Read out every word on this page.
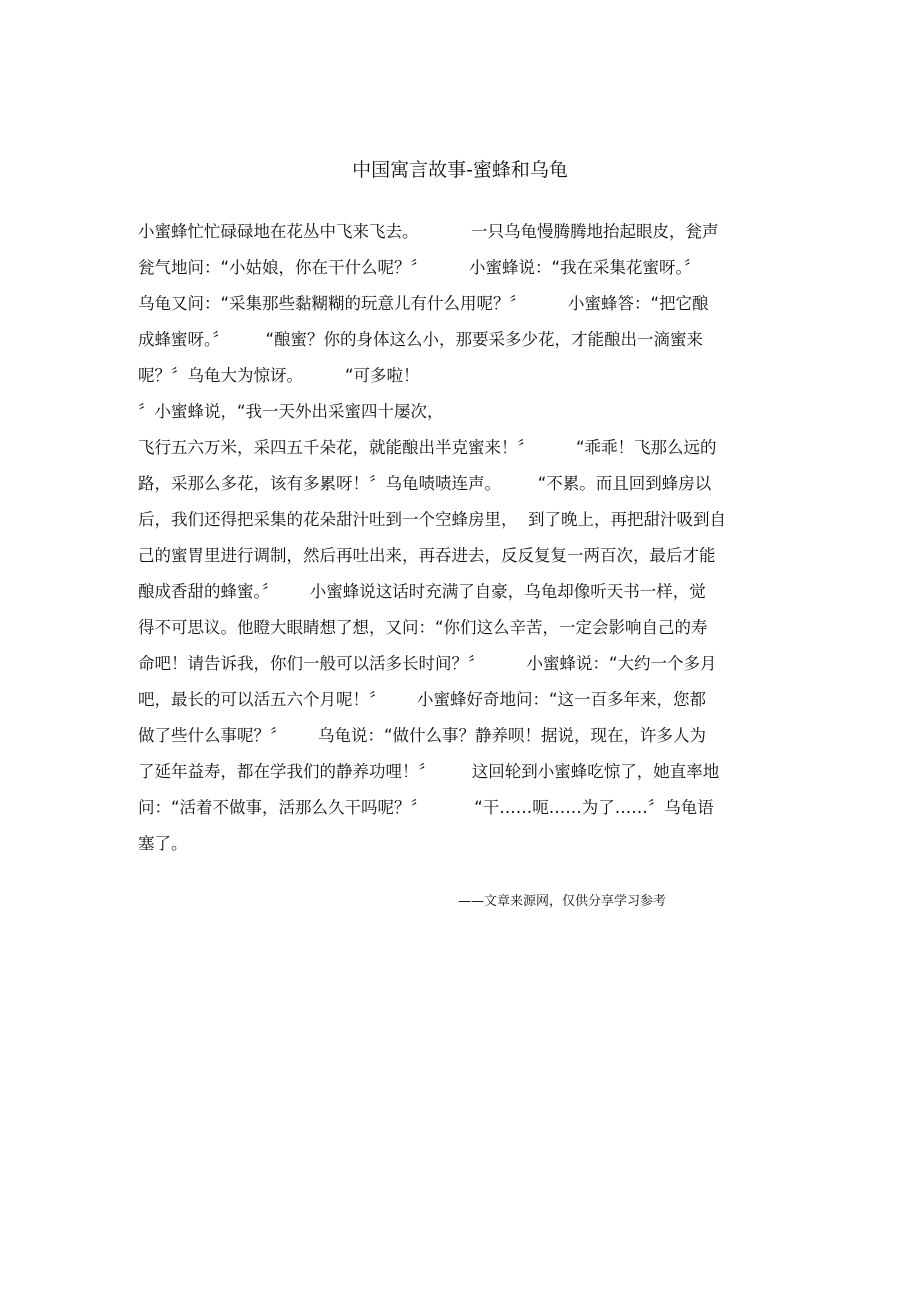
中国寓言故事-蜜蜂和乌龟
小蜜蜂忙忙碌碌地在花丛中飞来飞去。          一只乌龟慢腾腾地抬起眼皮，瓮声
瓮气地问：“小姑娘，你在干什么呢？〞        小蜜蜂说：“我在采集花蜜呀。〞
乌龟又问：“采集那些黏糊糊的玩意儿有什么用呢？〞        小蜜蜂答：“把它酿
成蜂蜜呀。〞       “酿蜜？你的身体这么小，那要采多少花，才能酿出一滴蜜来
呢？〞乌龟大为惊讶。        “可多啦！
〞小蜜蜂说，“我一天外出采蜜四十屡次，
飞行五六万米，采四五千朵花，就能酿出半克蜜来！〞        “乖乖！飞那么远的
路，采那么多花，该有多累呀！〞乌龟啧啧连声。       “不累。而且回到蜂房以
后，我们还得把采集的花朵甜汁吐到一个空蜂房里，  到了晚上，再把甜汁吸到自
己的蜜胃里进行调制，然后再吐出来，再吞进去，反反复复一两百次，最后才能
酿成香甜的蜂蜜。〞      小蜜蜂说这话时充满了自豪，乌龟却像听天书一样，觉
得不可思议。他瞪大眼睛想了想，又问：“你们这么辛苦，一定会影响自己的寿
命吧！请告诉我，你们一般可以活多长时间？〞        小蜜蜂说：“大约一个多月
吧，最长的可以活五六个月呢！〞      小蜜蜂好奇地问：“这一百多年来，您都
做了些什么事呢？〞      乌龟说：“做什么事？静养呗！据说，现在，许多人为
了延年益寿，都在学我们的静养功哩！〞       这回轮到小蜜蜂吃惊了，她直率地
问：“活着不做事，活那么久干吗呢？〞         “干……呃……为了……〞乌龟语
塞了。
——文章来源网，仅供分享学习参考
